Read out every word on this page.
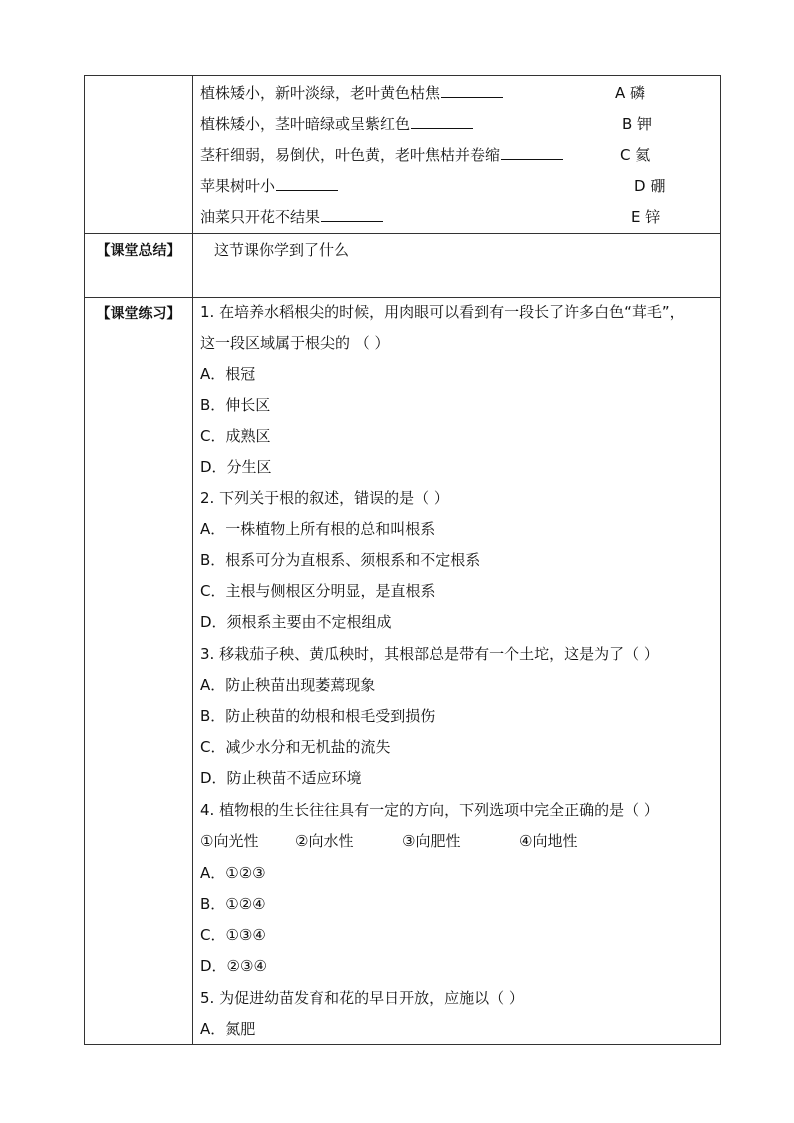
植株矮小，新叶淡绿，老叶黄色枯焦	A 磷
植株矮小，茎叶暗绿或呈紫红色	B 钾
茎秆细弱，易倒伏，叶色黄，老叶焦枯并卷缩	C 氦
苹果树叶小	D 硼
油菜只开花不结果	E 锌
【课堂总结】	这节课你学到了什么
【课堂练习】	1. 在培养水稻根尖的时候，用肉眼可以看到有一段长了许多白色“茸毛”，
这一段区域属于根尖的 （ ）
A．根冠
B．伸长区
C．成熟区
D．分生区
2. 下列关于根的叙述，错误的是（ ）
A．一株植物上所有根的总和叫根系
B．根系可分为直根系、须根系和不定根系
C．主根与侧根区分明显，是直根系
D．须根系主要由不定根组成
3. 移栽茄子秧、黄瓜秧时，其根部总是带有一个土坨，这是为了（ ）
A．防止秧苗出现萎蔫现象
B．防止秧苗的幼根和根毛受到损伤
C．减少水分和无机盐的流失
D．防止秧苗不适应环境
4. 植物根的生长往往具有一定的方向，下列选项中完全正确的是（ ）
①向光性 ②向水性	③向肥性	④向地性
A．①②③
B．①②④
C．①③④
D．②③④
5. 为促进幼苗发育和花的早日开放，应施以（ ）
A．氮肥
